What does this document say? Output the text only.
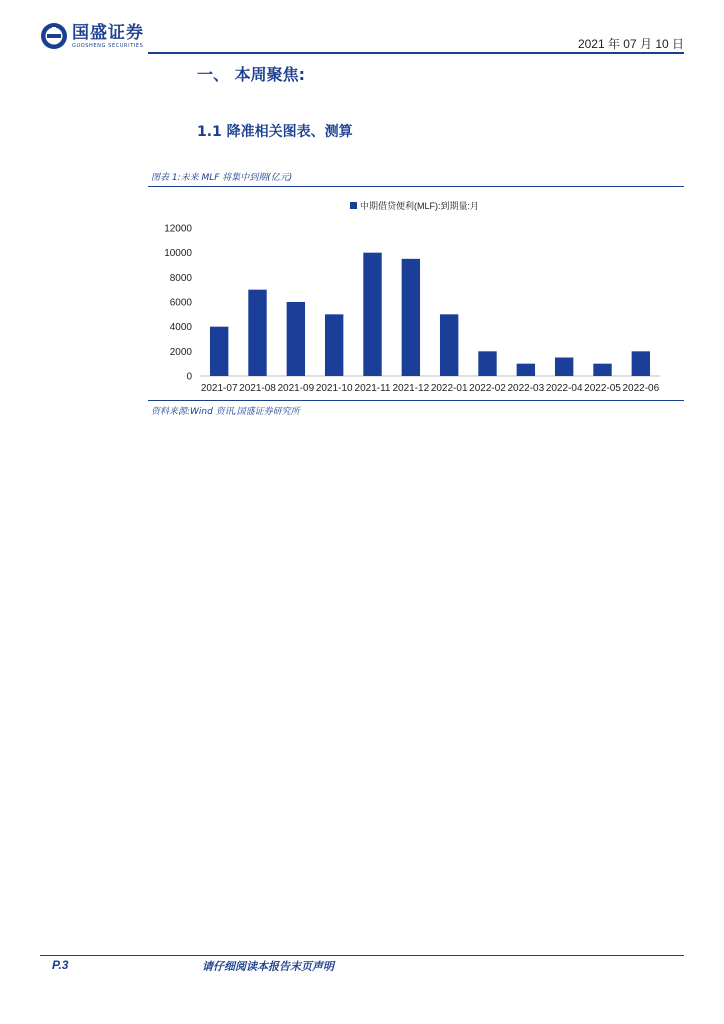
国盛证券
GUOSHENG SECURITIES	2021 年 07 月 10 日
一、 本周聚焦:
1.1 降准相关图表、测算
图表 1:未来 MLF 将集中到期(亿元)
中期借贷便利(MLF):到期量:月
0
2000
4000
6000
8000
10000
12000
2021-07 2021-08 2021-09 2021-10 2021-11 2021-12 2022-01 2022-02 2022-03 2022-04 2022-05 2022-06
资料来源:Wind 资讯,国盛证券研究所
P.3	请仔细阅读本报告末页声明
